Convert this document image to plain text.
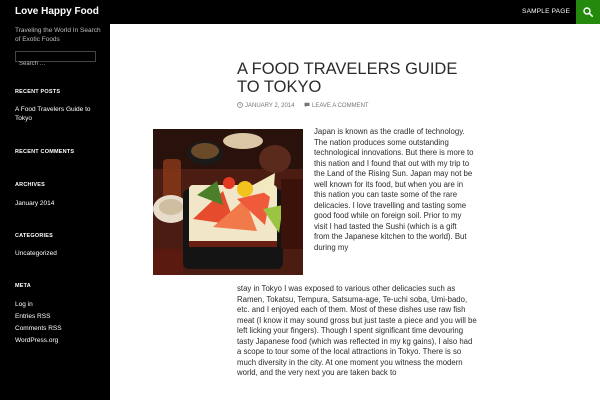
Love Happy Food	SAMPLE PAGE
Traveling the World In Search of Exotic Foods
Search …
RECENT POSTS
A Food Travelers Guide to Tokyo
RECENT COMMENTS
ARCHIVES
January 2014
CATEGORIES
Uncategorized
META
Log in
Entries RSS
Comments RSS
WordPress.org
A FOOD TRAVELERS GUIDE TO TOKYO
JANUARY 2, 2014	LEAVE A COMMENT

Japan is known as the cradle of technology. The nation produces some outstanding technological innovations. But there is more to this nation and I found that out with my trip to the Land of the Rising Sun. Japan may not be well known for its food, but when you are in this nation you can taste some of the rare delicacies. I love travelling and tasting some good food while on foreign soil. Prior to my visit I had tasted the Sushi (which is a gift from the Japanese kitchen to the world). But during my

stay in Tokyo I was exposed to various other delicacies such as Ramen, Tokatsu, Tempura, Satsuma-age, Te-uchi soba, Umi-bado, etc. and I enjoyed each of them. Most of these dishes use raw fish meat (I know it may sound gross but just taste a piece and you will be left licking your fingers). Though I spent significant time devouring tasty Japanese food (which was reflected in my kg gains), I also had a scope to tour some of the local attractions in Tokyo. There is so much diversity in the city. At one moment you witness the modern world, and the very next you are taken back to
